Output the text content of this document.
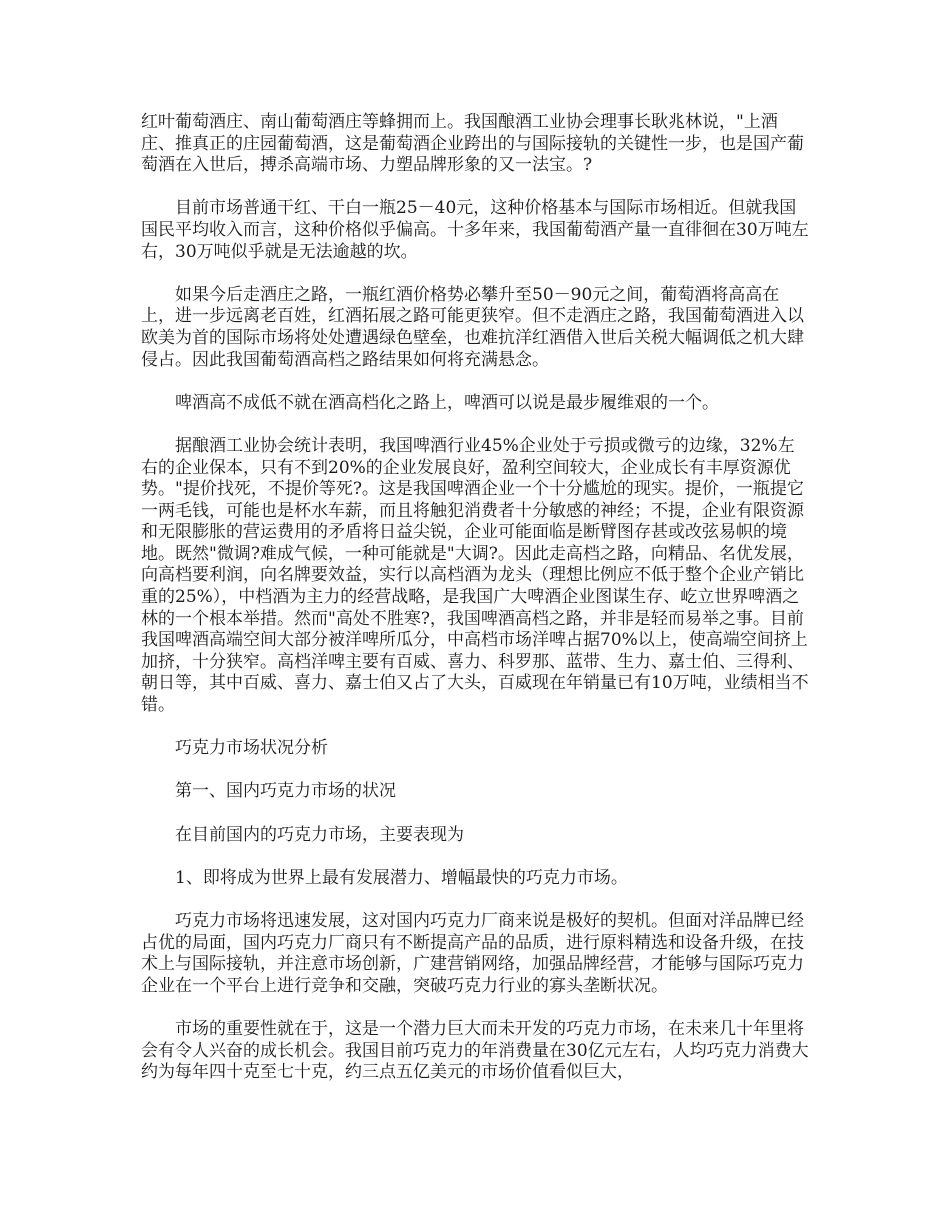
红叶葡萄酒庄、南山葡萄酒庄等蜂拥而上。我国酿酒工业协会理事长耿兆林说，"上酒庄、推真正的庄园葡萄酒，这是葡萄酒企业跨出的与国际接轨的关键性一步，也是国产葡萄酒在入世后，搏杀高端市场、力塑品牌形象的又一法宝。?

目前市场普通干红、干白一瓶25－40元，这种价格基本与国际市场相近。但就我国国民平均收入而言，这种价格似乎偏高。十多年来，我国葡萄酒产量一直徘徊在30万吨左右，30万吨似乎就是无法逾越的坎。

如果今后走酒庄之路，一瓶红酒价格势必攀升至50－90元之间，葡萄酒将高高在上，进一步远离老百姓，红酒拓展之路可能更狭窄。但不走酒庄之路，我国葡萄酒进入以欧美为首的国际市场将处处遭遇绿色壁垒，也难抗洋红酒借入世后关税大幅调低之机大肆侵占。因此我国葡萄酒高档之路结果如何将充满悬念。

啤酒高不成低不就在酒高档化之路上，啤酒可以说是最步履维艰的一个。

据酿酒工业协会统计表明，我国啤酒行业45%企业处于亏损或微亏的边缘，32%左右的企业保本，只有不到20%的企业发展良好，盈利空间较大，企业成长有丰厚资源优势。"提价找死，不提价等死?。这是我国啤酒企业一个十分尴尬的现实。提价，一瓶提它一两毛钱，可能也是杯水车薪，而且将触犯消费者十分敏感的神经；不提，企业有限资源和无限膨胀的营运费用的矛盾将日益尖锐，企业可能面临是断臂图存甚或改弦易帜的境地。既然"微调?难成气候，一种可能就是"大调?。因此走高档之路，向精品、名优发展，向高档要利润，向名牌要效益，实行以高档酒为龙头（理想比例应不低于整个企业产销比重的25%），中档酒为主力的经营战略，是我国广大啤酒企业图谋生存、屹立世界啤酒之林的一个根本举措。然而"高处不胜寒?，我国啤酒高档之路，并非是轻而易举之事。目前我国啤酒高端空间大部分被洋啤所瓜分，中高档市场洋啤占据70%以上，使高端空间挤上加挤，十分狭窄。高档洋啤主要有百威、喜力、科罗那、蓝带、生力、嘉士伯、三得利、朝日等，其中百威、喜力、嘉士伯又占了大头，百威现在年销量已有10万吨，业绩相当不错。

巧克力市场状况分析

第一、国内巧克力市场的状况

在目前国内的巧克力市场，主要表现为

1、即将成为世界上最有发展潜力、增幅最快的巧克力市场。

巧克力市场将迅速发展，这对国内巧克力厂商来说是极好的契机。但面对洋品牌已经占优的局面，国内巧克力厂商只有不断提高产品的品质，进行原料精选和设备升级，在技术上与国际接轨，并注意市场创新，广建营销网络，加强品牌经营，才能够与国际巧克力企业在一个平台上进行竞争和交融，突破巧克力行业的寡头垄断状况。

市场的重要性就在于，这是一个潜力巨大而未开发的巧克力市场，在未来几十年里将会有令人兴奋的成长机会。我国目前巧克力的年消费量在30亿元左右，人均巧克力消费大约为每年四十克至七十克，约三点五亿美元的市场价值看似巨大，
